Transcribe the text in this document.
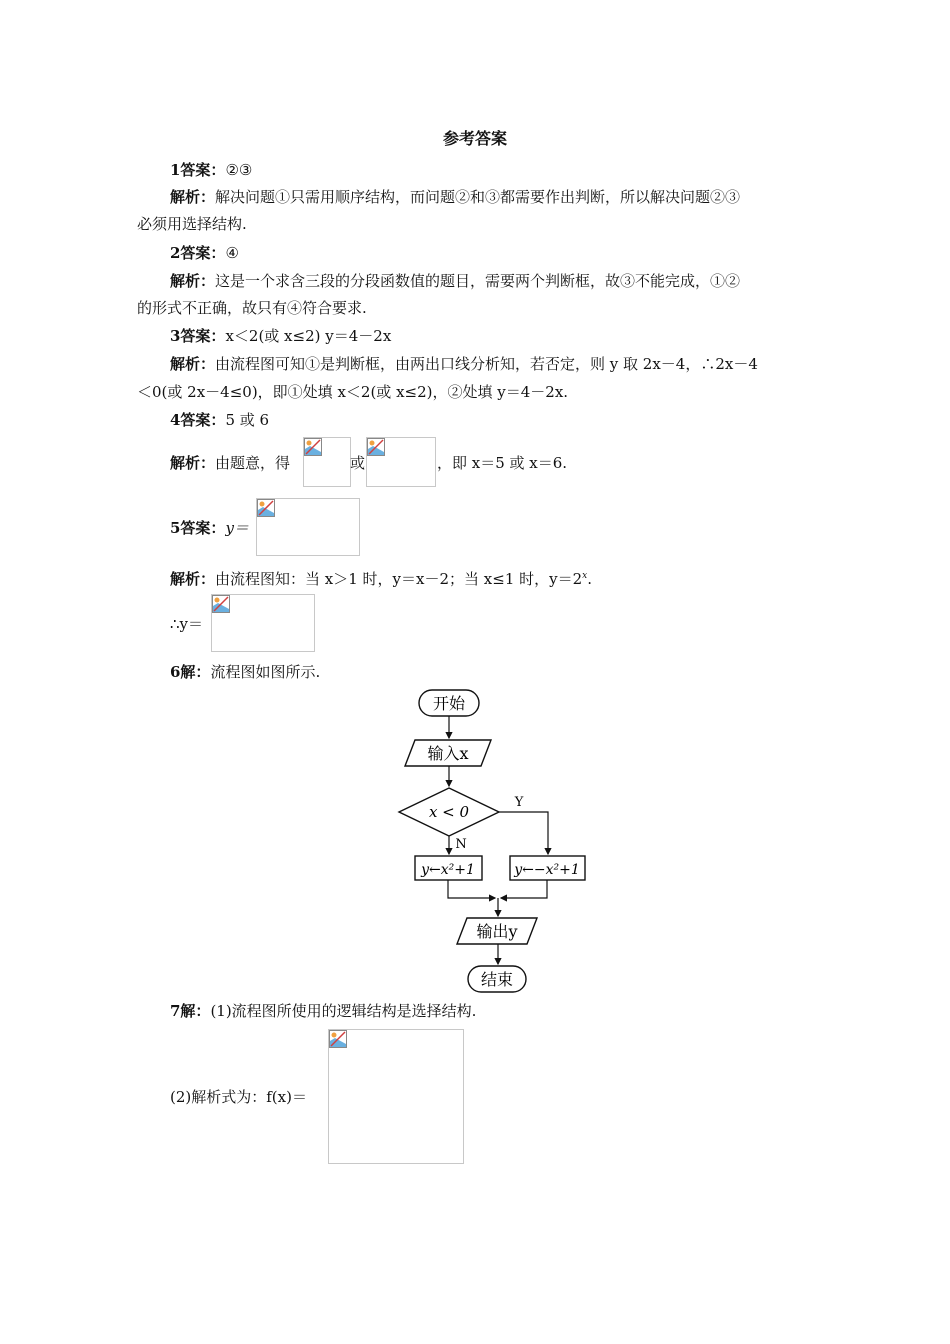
参考答案
1答案：②③
解析：解决问题①只需用顺序结构，而问题②和③都需要作出判断，所以解决问题②③
必须用选择结构.
2答案：④
解析：这是一个求含三段的分段函数值的题目，需要两个判断框，故③不能完成，①②
的形式不正确，故只有④符合要求.
3答案：x＜2(或 x≤2) y＝4－2x
解析：由流程图可知①是判断框，由两出口线分析知，若否定，则 y 取 2x－4，∴2x－4
＜0(或 2x－4≤0)，即①处填 x＜2(或 x≤2)，②处填 y＝4－2x.
4答案：5 或 6
解析：由题意，得	或	，即 x＝5 或 x＝6.
5答案：y＝
解析：由流程图知：当 x＞1 时，y＝x－2；当 x≤1 时，$y=2^x$.
∴y＝
6解：流程图如图所示.
开始
输入x
x < 0
Y
N
y←x²+1	y←−x²+1
输出y
结束
7解：(1)流程图所使用的逻辑结构是选择结构.
(2)解析式为：f(x)＝
